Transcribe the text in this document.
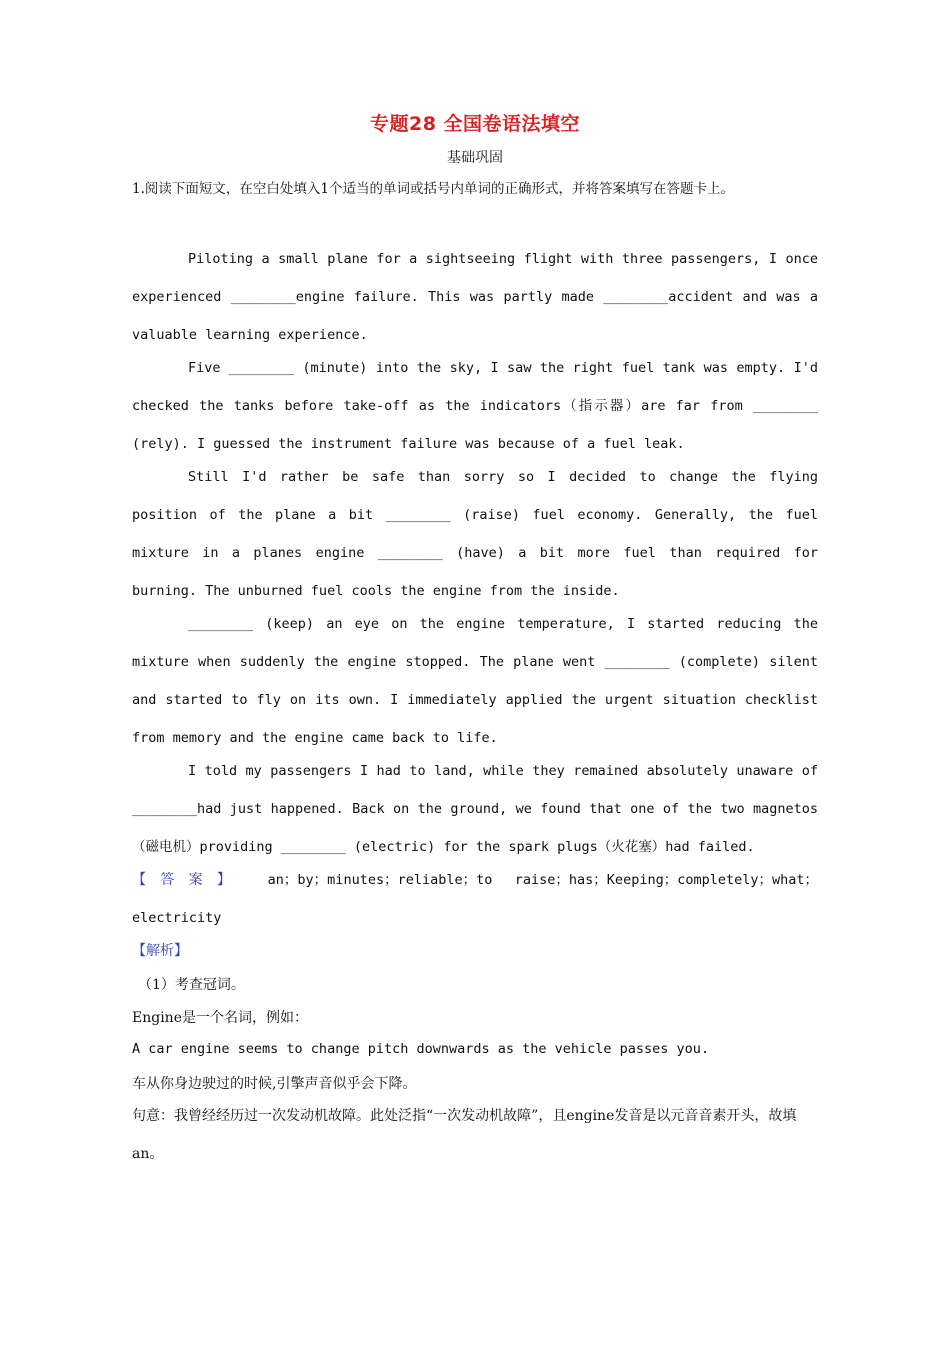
专题28 全国卷语法填空
基础巩固
1.阅读下面短文，在空白处填入1个适当的单词或括号内单词的正确形式，并将答案填写在答题卡上。

Piloting a small plane for a sightseeing flight with three passengers, I once experienced ________engine failure. This was partly made ________accident and was a valuable learning experience.

Five ________ (minute) into the sky, I saw the right fuel tank was empty. I'd checked the tanks before take-off as the indicators（指示器）are far from ________ (rely). I guessed the instrument failure was because of a fuel leak.

Still I'd rather be safe than sorry so I decided to change the flying position of the plane a bit ________ (raise) fuel economy. Generally, the fuel mixture in a planes engine ________ (have) a bit more fuel than required for burning. The unburned fuel cools the engine from the inside.

________ (keep) an eye on the engine temperature, I started reducing the mixture when suddenly the engine stopped. The plane went ________ (complete) silent and started to fly on its own. I immediately applied the urgent situation checklist from memory and the engine came back to life.

I told my passengers I had to land, while they remained absolutely unaware of ________had just happened. Back on the ground, we found that one of the two magnetos（磁电机）providing ________ (electric) for the spark plugs（火花塞）had failed.

【答案】 an；by；minutes；reliable；to raise；has；Keeping；completely；what；electricity
【解析】
（1）考查冠词。
Engine是一个名词，例如：
A car engine seems to change pitch downwards as the vehicle passes you.
车从你身边驶过的时候,引擎声音似乎会下降。
句意：我曾经经历过一次发动机故障。此处泛指“一次发动机故障”，且engine发音是以元音音素开头，故填an。
